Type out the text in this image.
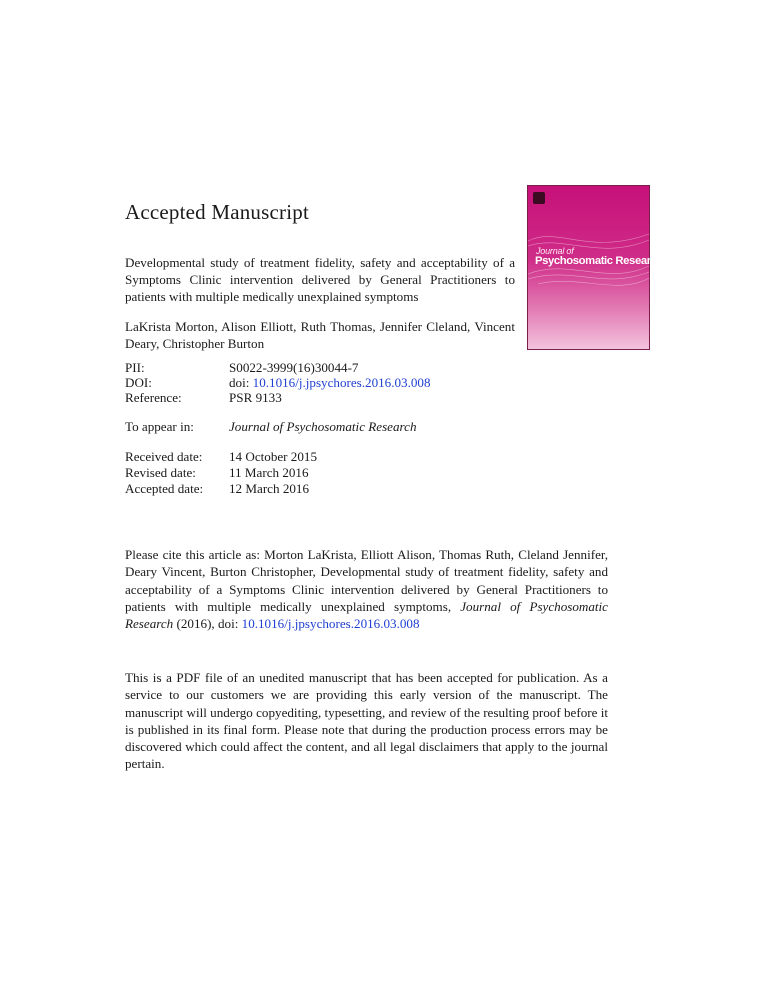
Accepted Manuscript
Developmental study of treatment fidelity, safety and acceptability of a Symptoms Clinic intervention delivered by General Practitioners to patients with multiple medically unexplained symptoms
LaKrista Morton, Alison Elliott, Ruth Thomas, Jennifer Cleland, Vincent Deary, Christopher Burton
PII:	S0022-3999(16)30044-7
DOI:	doi: 10.1016/j.jpsychores.2016.03.008
Reference:	PSR 9133
To appear in:	Journal of Psychosomatic Research
Received date: 14 October 2015
Revised date:	11 March 2016
Accepted date: 12 March 2016
Please cite this article as: Morton LaKrista, Elliott Alison, Thomas Ruth, Cleland Jennifer, Deary Vincent, Burton Christopher, Developmental study of treatment fidelity, safety and acceptability of a Symptoms Clinic intervention delivered by General Practitioners to patients with multiple medically unexplained symptoms, Journal of Psychosomatic Research (2016), doi: 10.1016/j.jpsychores.2016.03.008
This is a PDF file of an unedited manuscript that has been accepted for publication. As a service to our customers we are providing this early version of the manuscript. The manuscript will undergo copyediting, typesetting, and review of the resulting proof before it is published in its final form. Please note that during the production process errors may be discovered which could affect the content, and all legal disclaimers that apply to the journal pertain.
Journal of
Psychosomatic Research
